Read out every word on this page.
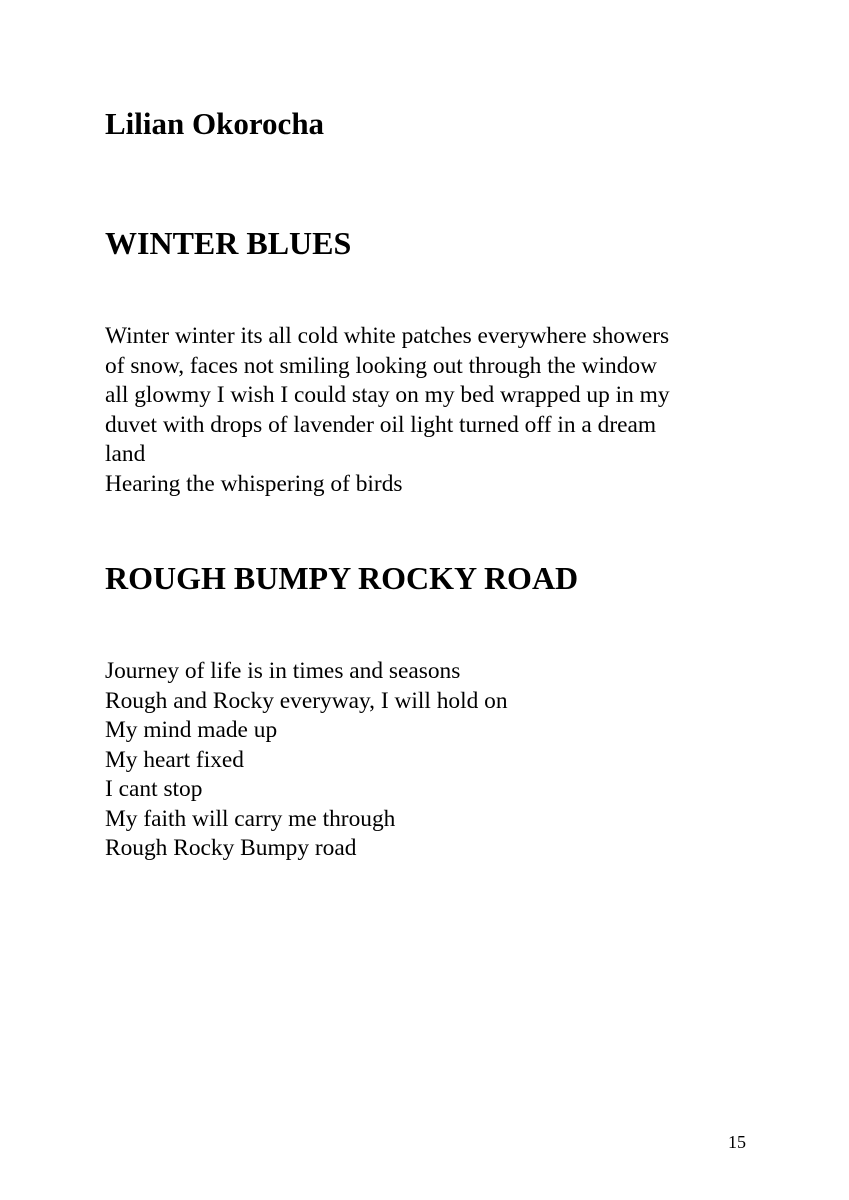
Lilian Okorocha
WINTER BLUES
Winter winter its all cold white patches everywhere showers
of snow, faces not smiling looking out through the window
all glowmy I wish I could stay on my bed wrapped up in my
duvet with drops of lavender oil light turned off in a dream
land
Hearing the whispering of birds
ROUGH BUMPY ROCKY ROAD
Journey of life is in times and seasons
Rough and Rocky everyway, I will hold on
My mind made up
My heart fixed
I cant stop
My faith will carry me through
Rough Rocky Bumpy road
15
